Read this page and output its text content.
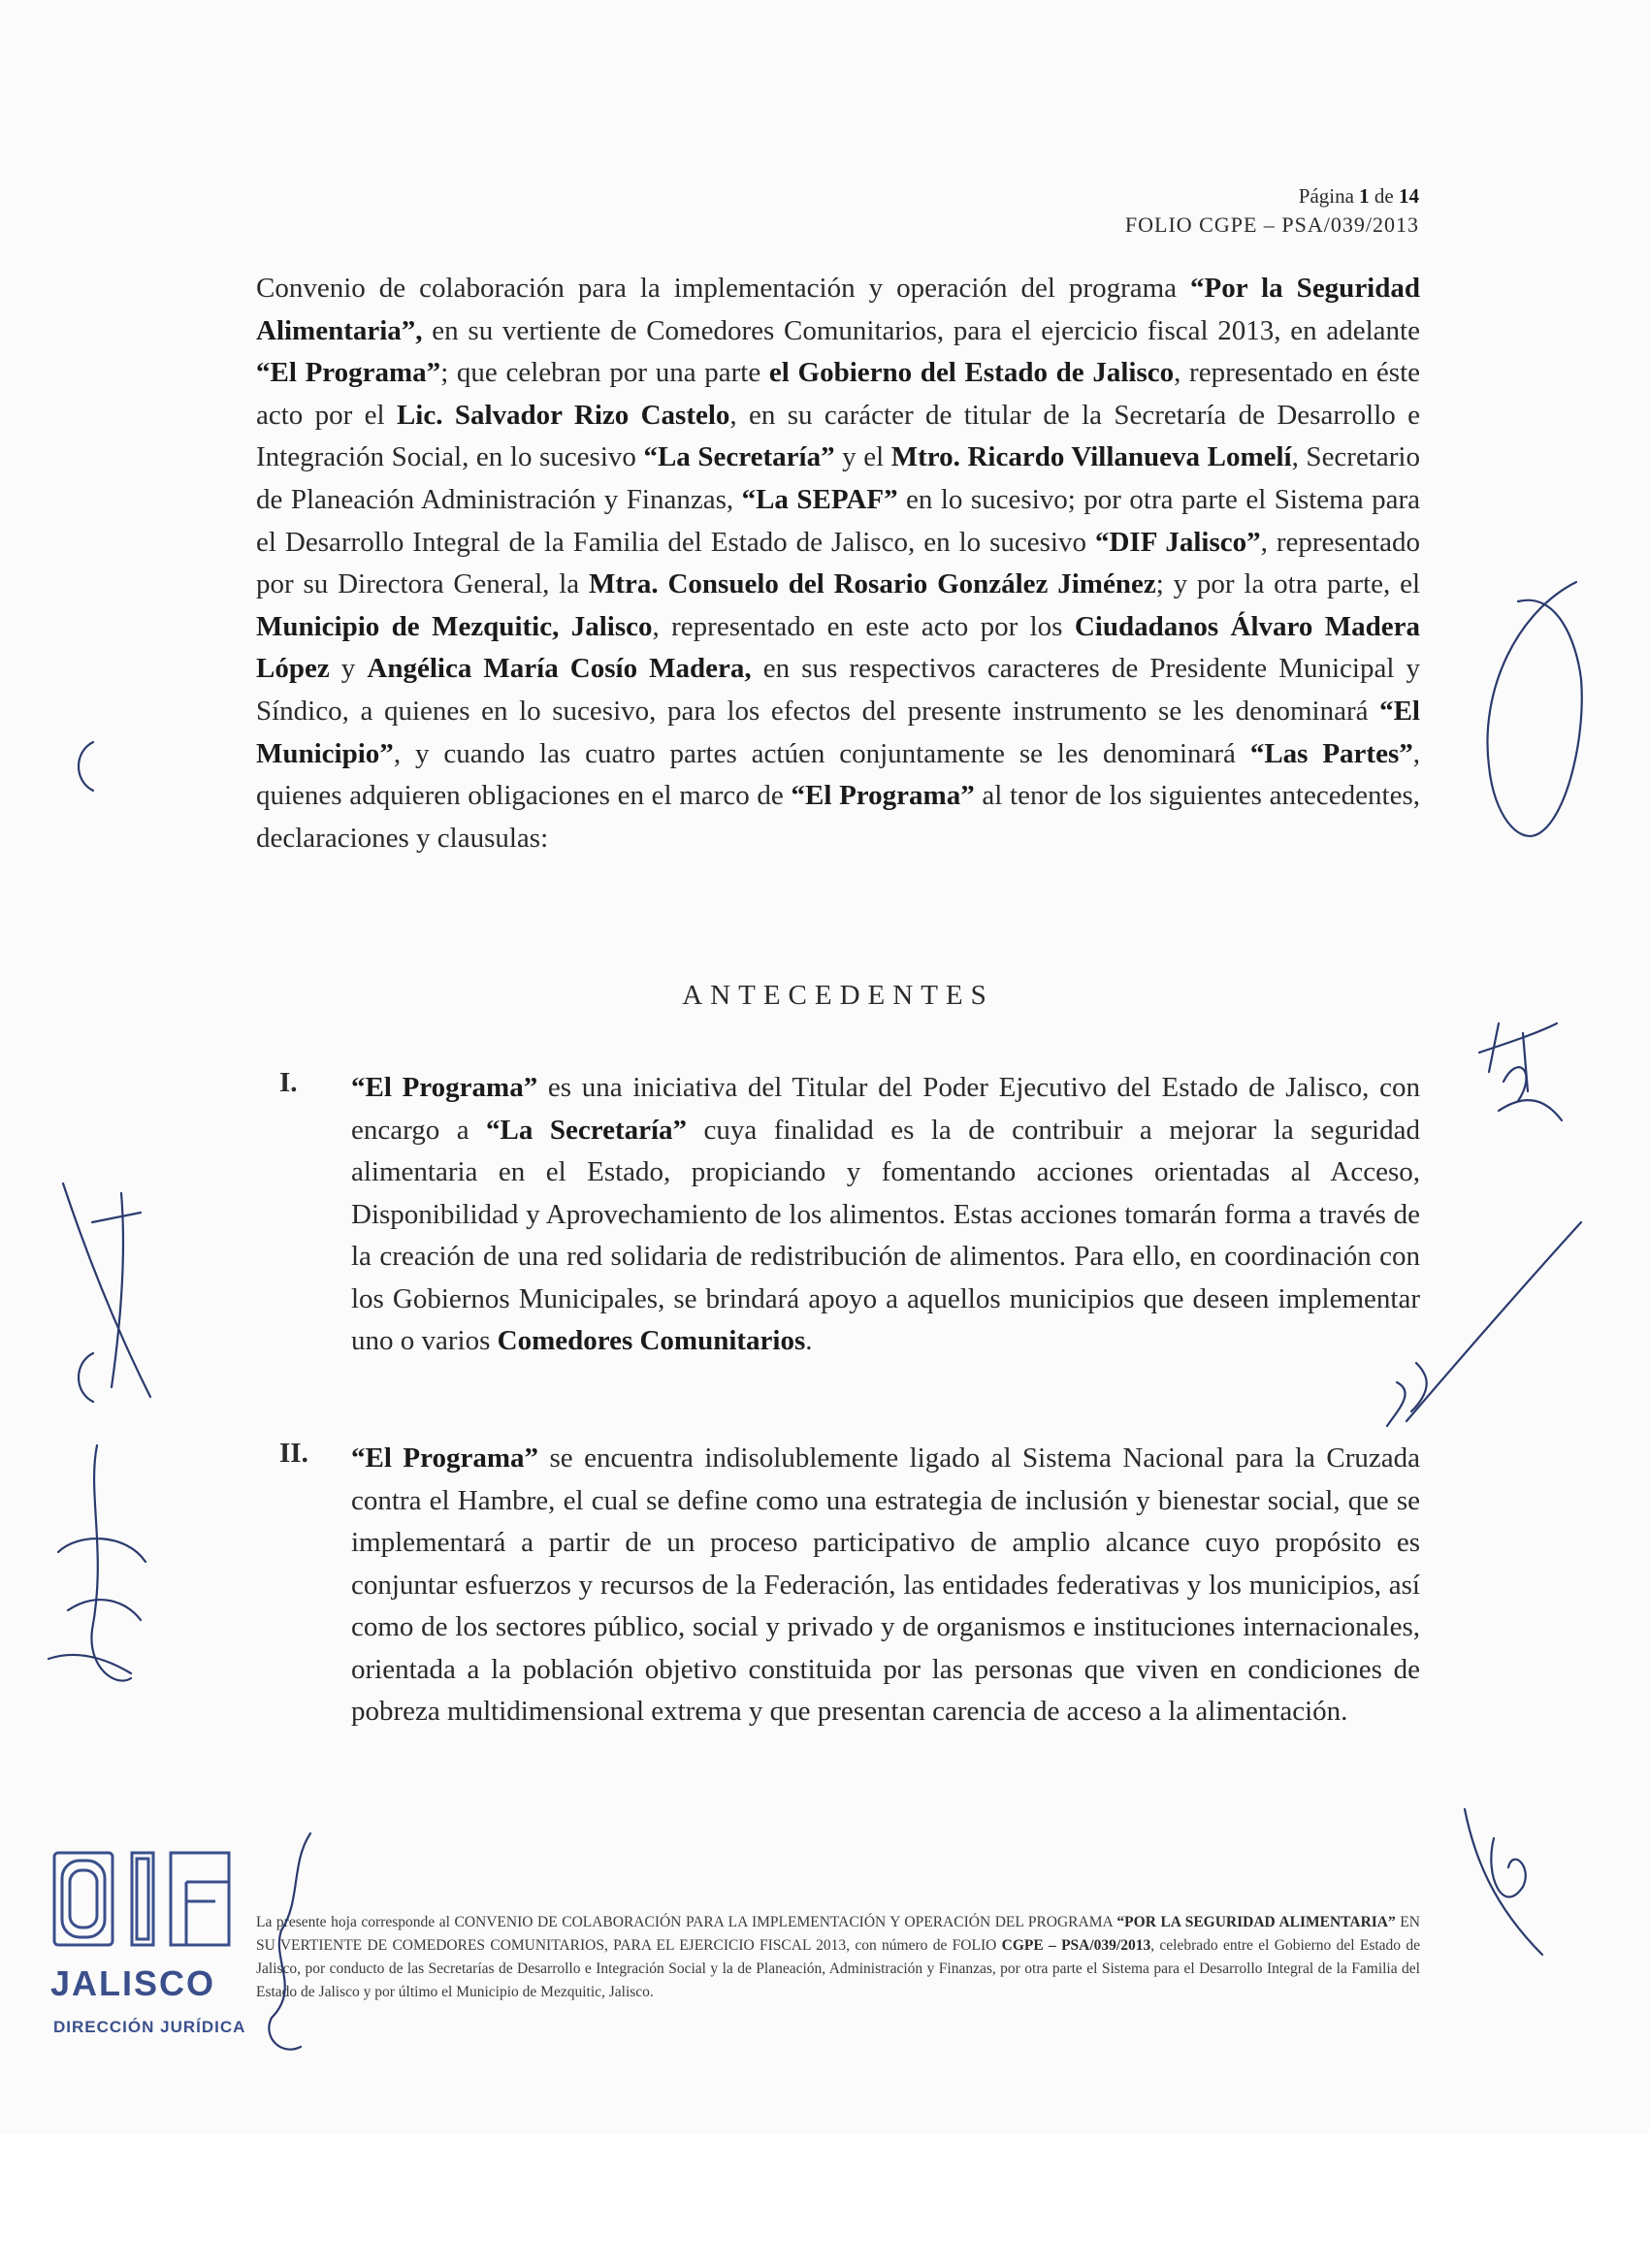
Página 1 de 14
FOLIO CGPE – PSA/039/2013
Convenio de colaboración para la implementación y operación del programa “Por la Seguridad Alimentaria”, en su vertiente de Comedores Comunitarios, para el ejercicio fiscal 2013, en adelante “El Programa”; que celebran por una parte el Gobierno del Estado de Jalisco, representado en éste acto por el Lic. Salvador Rizo Castelo, en su carácter de titular de la Secretaría de Desarrollo e Integración Social, en lo sucesivo “La Secretaría” y el Mtro. Ricardo Villanueva Lomelí, Secretario de Planeación Administración y Finanzas, “La SEPAF” en lo sucesivo; por otra parte el Sistema para el Desarrollo Integral de la Familia del Estado de Jalisco, en lo sucesivo “DIF Jalisco”, representado por su Directora General, la Mtra. Consuelo del Rosario González Jiménez; y por la otra parte, el Municipio de Mezquitic, Jalisco, representado en este acto por los Ciudadanos Álvaro Madera López y Angélica María Cosío Madera, en sus respectivos caracteres de Presidente Municipal y Síndico, a quienes en lo sucesivo, para los efectos del presente instrumento se les denominará “El Municipio”, y cuando las cuatro partes actúen conjuntamente se les denominará “Las Partes”, quienes adquieren obligaciones en el marco de “El Programa” al tenor de los siguientes antecedentes, declaraciones y clausulas:
ANTECEDENTES
I. “El Programa” es una iniciativa del Titular del Poder Ejecutivo del Estado de Jalisco, con encargo a “La Secretaría” cuya finalidad es la de contribuir a mejorar la seguridad alimentaria en el Estado, propiciando y fomentando acciones orientadas al Acceso, Disponibilidad y Aprovechamiento de los alimentos. Estas acciones tomarán forma a través de la creación de una red solidaria de redistribución de alimentos. Para ello, en coordinación con los Gobiernos Municipales, se brindará apoyo a aquellos municipios que deseen implementar uno o varios Comedores Comunitarios.
II. “El Programa” se encuentra indisolublemente ligado al Sistema Nacional para la Cruzada contra el Hambre, el cual se define como una estrategia de inclusión y bienestar social, que se implementará a partir de un proceso participativo de amplio alcance cuyo propósito es conjuntar esfuerzos y recursos de la Federación, las entidades federativas y los municipios, así como de los sectores público, social y privado y de organismos e instituciones internacionales, orientada a la población objetivo constituida por las personas que viven en condiciones de pobreza multidimensional extrema y que presentan carencia de acceso a la alimentación.
JALISCO
DIRECCIÓN JURÍDICA
La presente hoja corresponde al CONVENIO DE COLABORACIÓN PARA LA IMPLEMENTACIÓN Y OPERACIÓN DEL PROGRAMA “POR LA SEGURIDAD ALIMENTARIA” EN SU VERTIENTE DE COMEDORES COMUNITARIOS, PARA EL EJERCICIO FISCAL 2013, con número de FOLIO CGPE – PSA/039/2013, celebrado entre el Gobierno del Estado de Jalisco, por conducto de las Secretarías de Desarrollo e Integración Social y la de Planeación, Administración y Finanzas, por otra parte el Sistema para el Desarrollo Integral de la Familia del Estado de Jalisco y por último el Municipio de Mezquitic, Jalisco.
